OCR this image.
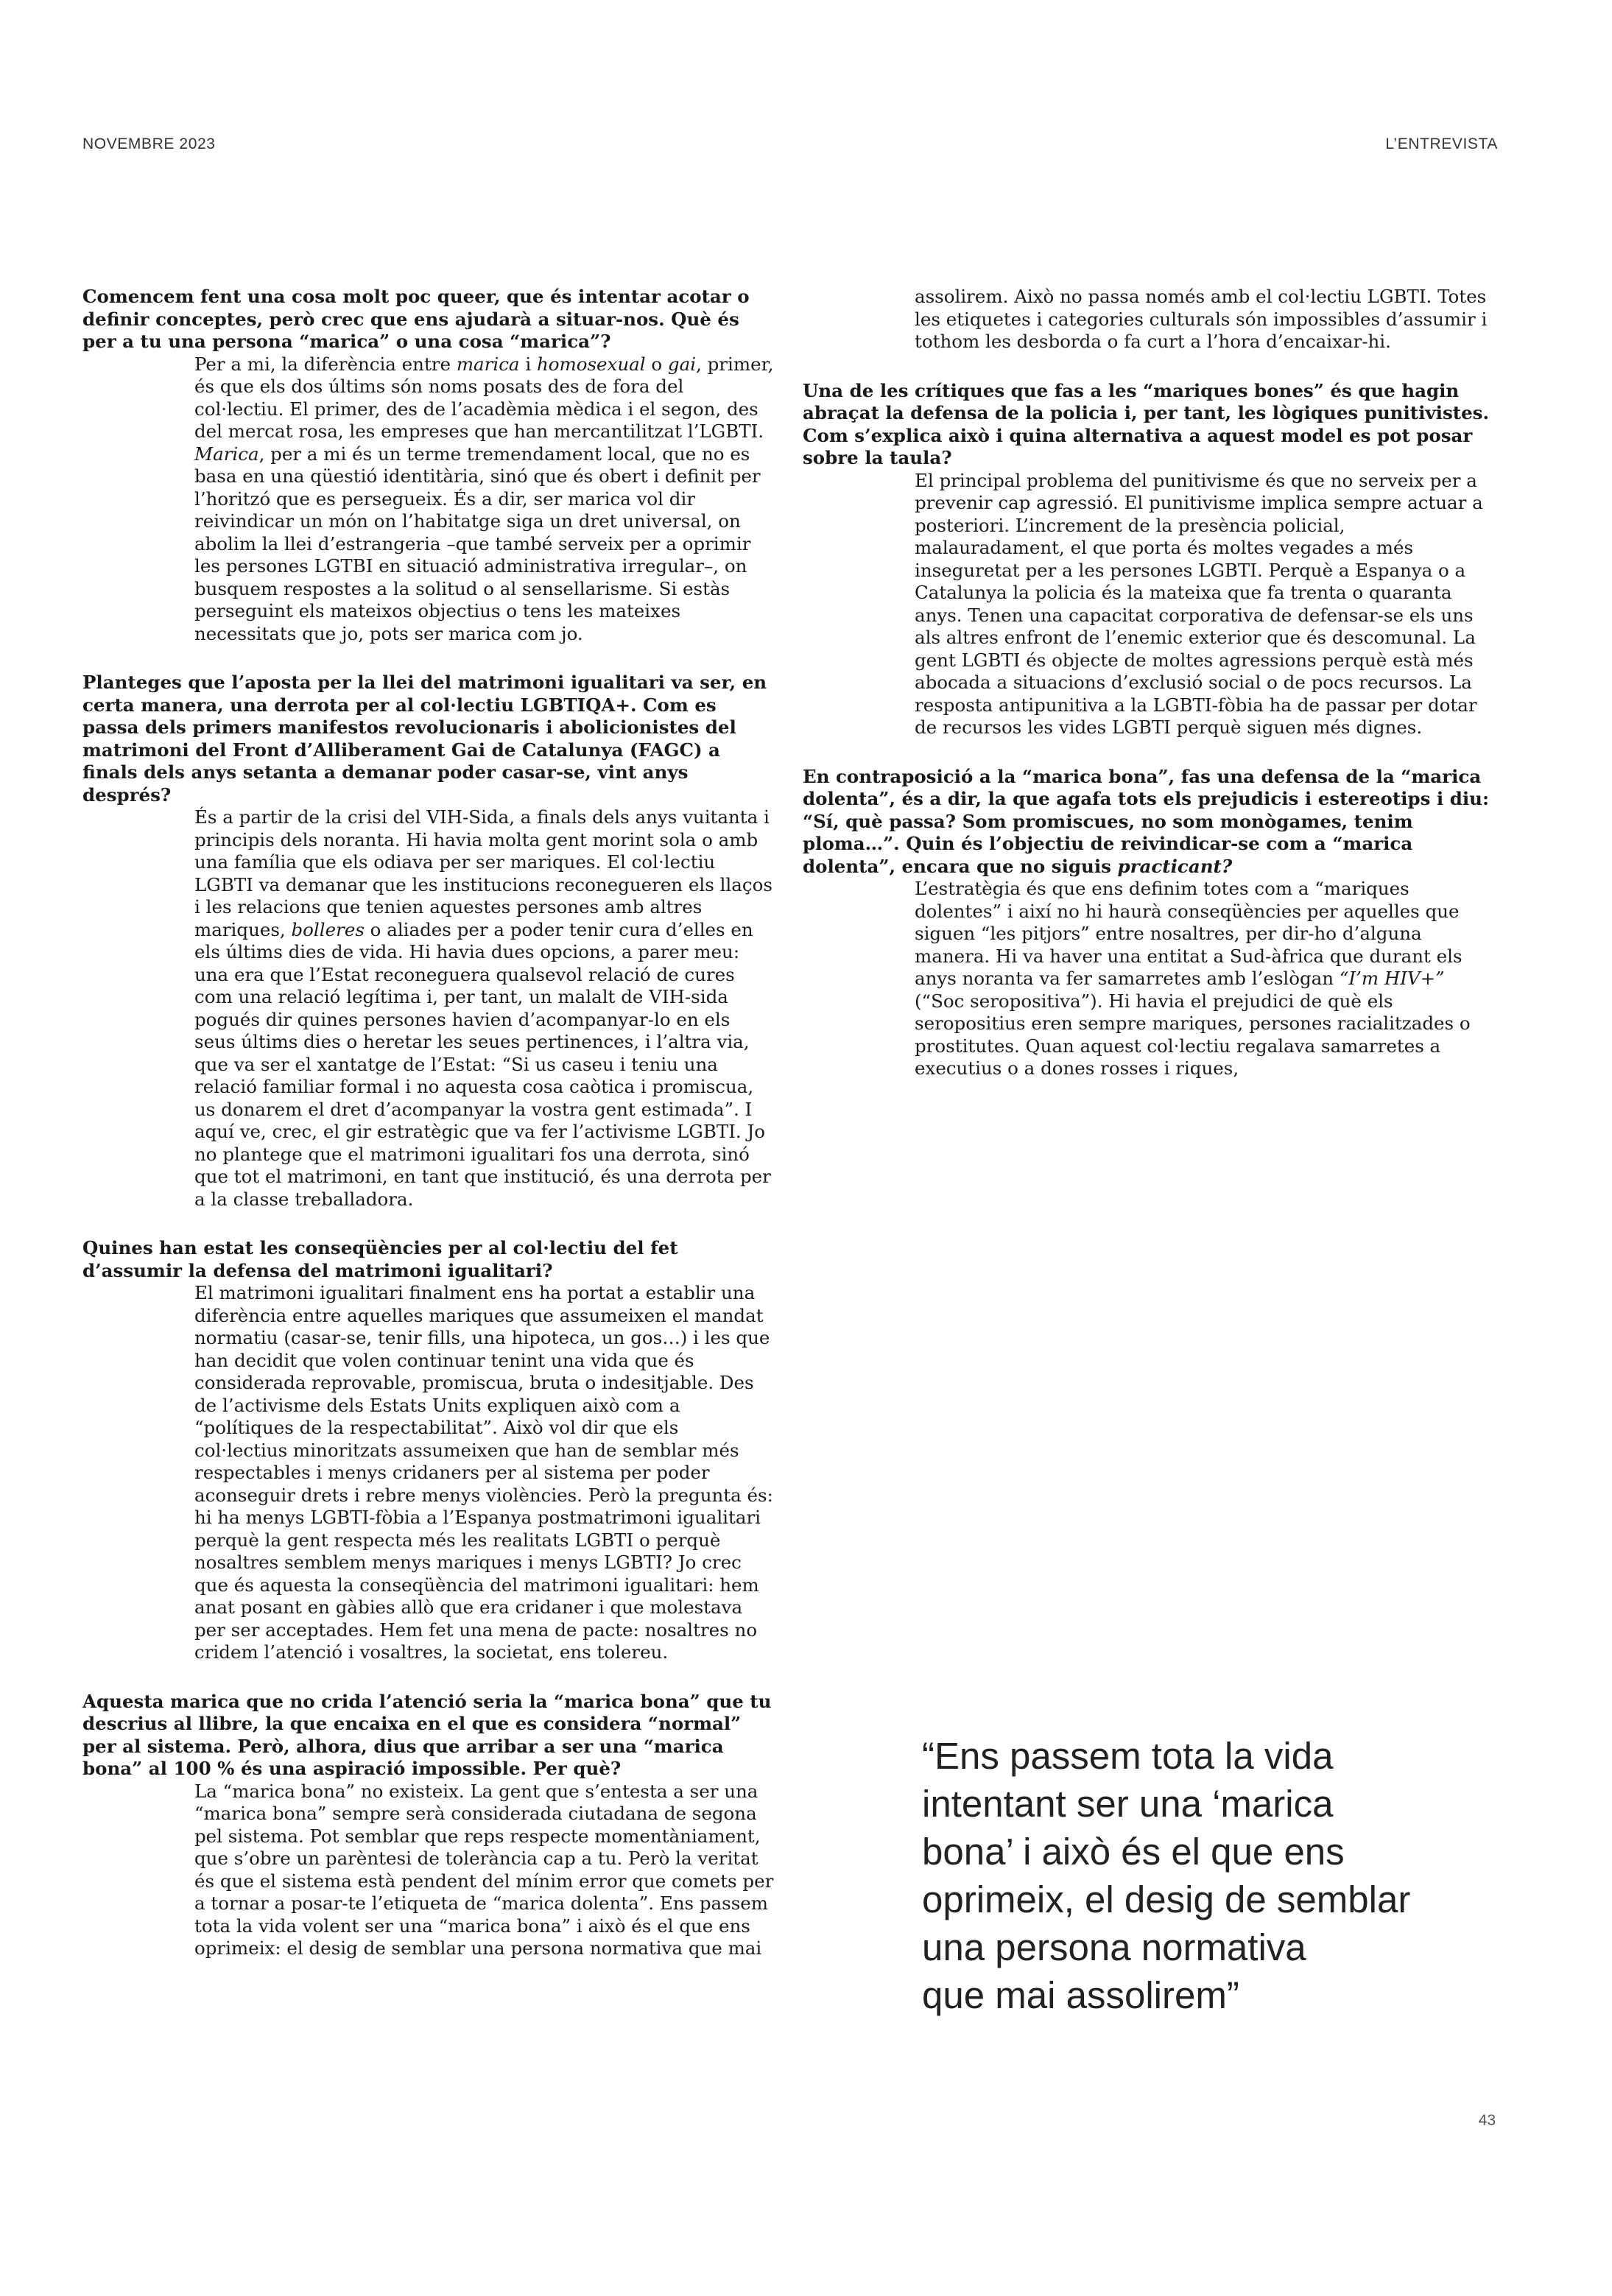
NOVEMBRE 2023	L’ENTREVISTA

Comencem fent una cosa molt poc queer, que és intentar acotar o definir conceptes, però crec que ens ajudarà a situar-nos. Què és per a tu una persona “marica” o una cosa “marica”?

Per a mi, la diferència entre marica i homosexual o gai, primer, és que els dos últims són noms posats des de fora del col·lectiu. El primer, des de l’acadèmia mèdica i el segon, des del mercat rosa, les empreses que han mercantilitzat l’LGBTI. Marica, per a mi és un terme tremendament local, que no es basa en una qüestió identitària, sinó que és obert i definit per l’horitzó que es persegueix. És a dir, ser marica vol dir reivindicar un món on l’habitatge siga un dret universal, on abolim la llei d’estrangeria –que també serveix per a oprimir les persones LGTBI en situació administrativa irregular–, on busquem respostes a la solitud o al sensellarisme. Si estàs perseguint els mateixos objectius o tens les mateixes necessitats que jo, pots ser marica com jo.

Planteges que l’aposta per la llei del matrimoni igualitari va ser, en certa manera, una derrota per al col·lectiu LGBTIQA+. Com es passa dels primers manifestos revolucionaris i abolicionistes del matrimoni del Front d’Alliberament Gai de Catalunya (FAGC) a finals dels anys setanta a demanar poder casar-se, vint anys després?

És a partir de la crisi del VIH-Sida, a finals dels anys vuitanta i principis dels noranta. Hi havia molta gent morint sola o amb una família que els odiava per ser mariques. El col·lectiu LGBTI va demanar que les institucions reconegueren els llaços i les relacions que tenien aquestes persones amb altres mariques, bolleres o aliades per a poder tenir cura d’elles en els últims dies de vida. Hi havia dues opcions, a parer meu: una era que l’Estat reconeguera qualsevol relació de cures com una relació legítima i, per tant, un malalt de VIH-sida pogués dir quines persones havien d’acompanyar-lo en els seus últims dies o heretar les seues pertinences, i l’altra via, que va ser el xantatge de l’Estat: “Si us caseu i teniu una relació familiar formal i no aquesta cosa caòtica i promiscua, us donarem el dret d’acompanyar la vostra gent estimada”. I aquí ve, crec, el gir estratègic que va fer l’activisme LGBTI. Jo no plantege que el matrimoni igualitari fos una derrota, sinó que tot el matrimoni, en tant que institució, és una derrota per a la classe treballadora.

Quines han estat les conseqüències per al col·lectiu del fet d’assumir la defensa del matrimoni igualitari?

El matrimoni igualitari finalment ens ha portat a establir una diferència entre aquelles mariques que assumeixen el mandat normatiu (casar-se, tenir fills, una hipoteca, un gos…) i les que han decidit que volen continuar tenint una vida que és considerada reprovable, promiscua, bruta o indesitjable. Des de l’activisme dels Estats Units expliquen això com a “polítiques de la respectabilitat”. Això vol dir que els col·lectius minoritzats assumeixen que han de semblar més respectables i menys cridaners per al sistema per poder aconseguir drets i rebre menys violències. Però la pregunta és: hi ha menys LGBTI-fòbia a l’Espanya postmatrimoni igualitari perquè la gent respecta més les realitats LGBTI o perquè nosaltres semblem menys mariques i menys LGBTI? Jo crec que és aquesta la conseqüència del matrimoni igualitari: hem anat posant en gàbies allò que era cridaner i que molestava per ser acceptades. Hem fet una mena de pacte: nosaltres no cridem l’atenció i vosaltres, la societat, ens tolereu.

Aquesta marica que no crida l’atenció seria la “marica bona” que tu descrius al llibre, la que encaixa en el que es considera “normal” per al sistema. Però, alhora, dius que arribar a ser una “marica bona” al 100 % és una aspiració impossible. Per què?

La “marica bona” no existeix. La gent que s’entesta a ser una “marica bona” sempre serà considerada ciutadana de segona pel sistema. Pot semblar que reps respecte momentàniament, que s’obre un parèntesi de tolerància cap a tu. Però la veritat és que el sistema està pendent del mínim error que comets per a tornar a posar-te l’etiqueta de “marica dolenta”. Ens passem tota la vida volent ser una “marica bona” i això és el que ens oprimeix: el desig de semblar una persona normativa que mai

assolirem. Això no passa només amb el col·lectiu LGBTI. Totes les etiquetes i categories culturals són impossibles d’assumir i tothom les desborda o fa curt a l’hora d’encaixar-hi.

Una de les crítiques que fas a les “mariques bones” és que hagin abraçat la defensa de la policia i, per tant, les lògiques punitivistes. Com s’explica això i quina alternativa a aquest model es pot posar sobre la taula?

El principal problema del punitivisme és que no serveix per a prevenir cap agressió. El punitivisme implica sempre actuar a posteriori. L’increment de la presència policial, malauradament, el que porta és moltes vegades a més inseguretat per a les persones LGBTI. Perquè a Espanya o a Catalunya la policia és la mateixa que fa trenta o quaranta anys. Tenen una capacitat corporativa de defensar-se els uns als altres enfront de l’enemic exterior que és descomunal. La gent LGBTI és objecte de moltes agressions perquè està més abocada a situacions d’exclusió social o de pocs recursos. La resposta antipunitiva a la LGBTI-fòbia ha de passar per dotar de recursos les vides LGBTI perquè siguen més dignes.

En contraposició a la “marica bona”, fas una defensa de la “marica dolenta”, és a dir, la que agafa tots els prejudicis i estereotips i diu: “Sí, què passa? Som promiscues, no som monògames, tenim ploma…”. Quin és l’objectiu de reivindicar-se com a “marica dolenta”, encara que no siguis practicant?

L’estratègia és que ens definim totes com a “mariques dolentes” i així no hi haurà conseqüències per aquelles que siguen “les pitjors” entre nosaltres, per dir-ho d’alguna manera. Hi va haver una entitat a Sud-àfrica que durant els anys noranta va fer samarretes amb l’eslògan “I’m HIV+” (“Soc seropositiva”). Hi havia el prejudici de què els seropositius eren sempre mariques, persones racialitzades o prostitutes. Quan aquest col·lectiu regalava samarretes a executius o a dones rosses i riques,

“Ens passem tota la vida
intentant ser una ‘marica
bona’ i això és el que ens
oprimeix, el desig de semblar
una persona normativa
que mai assolirem”
43
